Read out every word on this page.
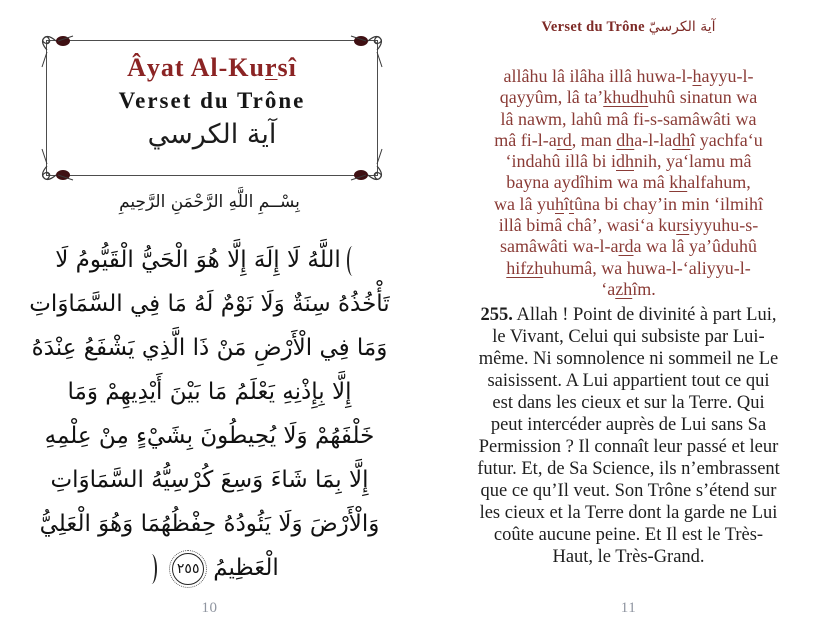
Âyat Al-Kursî
Verset du Trône
آية الكرسي
بِسْــمِ اللَّهِ الرَّحْمَنِ الرَّحِيمِ
اللَّهُ لَا إِلَهَ إِلَّا هُوَ الْحَيُّ الْقَيُّومُ لَا
تَأْخُذُهُ سِنَةٌ وَلَا نَوْمٌ لَهُ مَا فِي السَّمَاوَاتِ
وَمَا فِي الْأَرْضِ مَنْ ذَا الَّذِي يَشْفَعُ عِنْدَهُ
إِلَّا بِإِذْنِهِ يَعْلَمُ مَا بَيْنَ أَيْدِيهِمْ وَمَا
خَلْفَهُمْ وَلَا يُحِيطُونَ بِشَيْءٍ مِنْ عِلْمِهِ
إِلَّا بِمَا شَاءَ وَسِعَ كُرْسِيُّهُ السَّمَاوَاتِ
وَالْأَرْضَ وَلَا يَئُودُهُ حِفْظُهُمَا وَهُوَ الْعَلِيُّ
الْعَظِيمُ
٢٥٥
10
Verset du Trône آية الكرسيّ
allâhu lâ ilâha illâ huwa-l-hayyu-l-
qayyûm, lâ ta’khudhuhû sinatun wa
lâ nawm, lahû mâ fi-s-samâwâti wa
mâ fi-l-ard, man dha-l-ladhî yachfa‘u
‘indahû illâ bi idhnih, ya‘lamu mâ
bayna aydîhim wa mâ khalfahum,
wa lâ yuhîtûna bi chay’in min ‘ilmihî
illâ bimâ châ’, wasi‘a kursiyyuhu-s-
samâwâti wa-l-arda wa lâ ya’ûduhû
hifzhuhumâ, wa huwa-l-‘aliyyu-l-
‘azhîm.
255. Allah ! Point de divinité à part Lui,
le Vivant, Celui qui subsiste par Lui-
même. Ni somnolence ni sommeil ne Le
saisissent. A Lui appartient tout ce qui
est dans les cieux et sur la Terre. Qui
peut intercéder auprès de Lui sans Sa
Permission ? Il connaît leur passé et leur
futur. Et, de Sa Science, ils n’embrassent
que ce qu’Il veut. Son Trône s’étend sur
les cieux et la Terre dont la garde ne Lui
coûte aucune peine. Et Il est le Très-
Haut, le Très-Grand.
11
